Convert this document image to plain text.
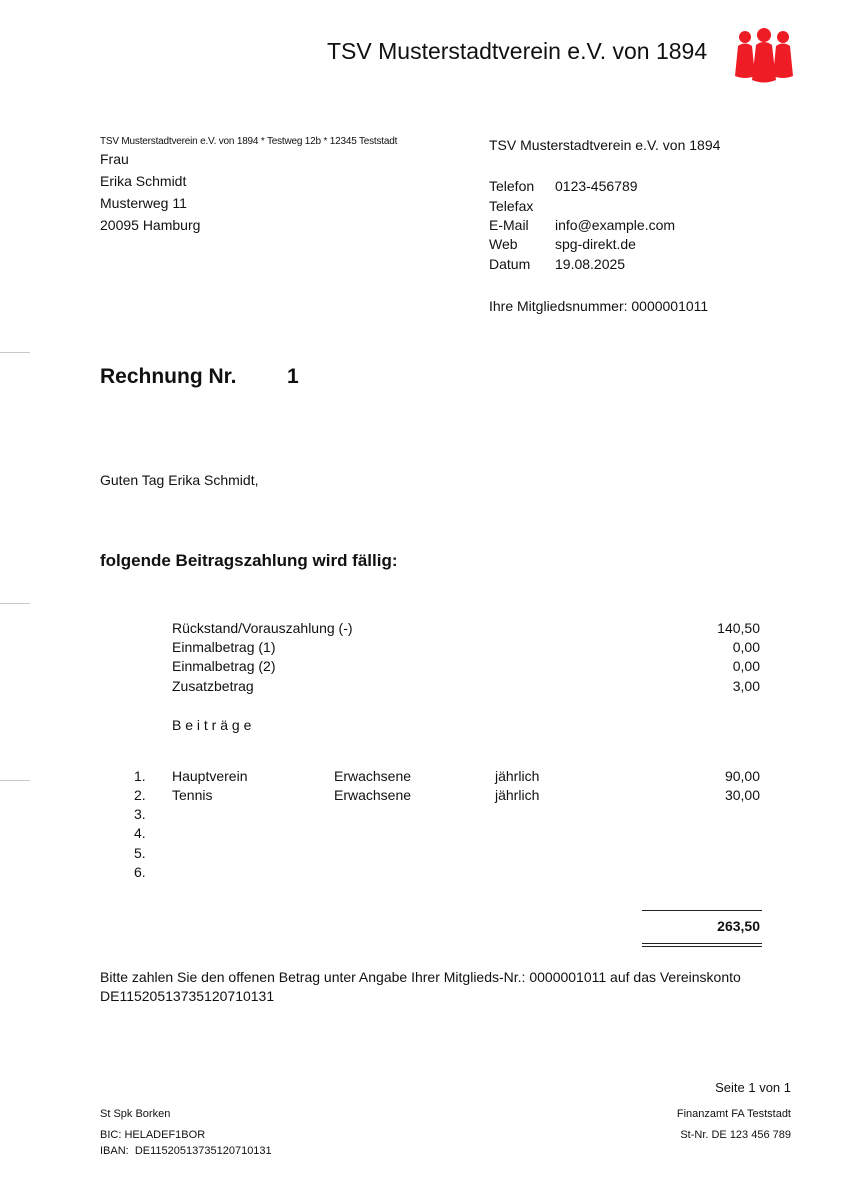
TSV Musterstadtverein e.V. von 1894
TSV Musterstadtverein e.V. von 1894 * Testweg 12b * 12345 Teststadt
Frau
Erika Schmidt
Musterweg 11
20095 Hamburg
TSV Musterstadtverein e.V. von 1894
Telefon 0123-456789
Telefax
E-Mail info@example.com
Web	spg-direkt.de
Datum 19.08.2025
Ihre Mitgliedsnummer: 0000001011
Rechnung Nr. 1
Guten Tag Erika Schmidt,
folgende Beitragszahlung wird fällig:
Rückstand/Vorauszahlung (-)	140,50
Einmalbetrag (1)	0,00
Einmalbetrag (2)	0,00
Zusatzbetrag	3,00
B e i t r ä g e
1. Hauptverein	Erwachsene	jährlich	90,00
2. Tennis	Erwachsene	jährlich	30,00
3.
4.
5.
6.
263,50
Bitte zahlen Sie den offenen Betrag unter Angabe Ihrer Mitglieds-Nr.: 0000001011 auf das Vereinskonto
DE11520513735120710131
Seite 1 von 1
St Spk Borken
BIC: HELADEF1BOR
IBAN:  DE11520513735120710131
Finanzamt FA Teststadt
St-Nr. DE 123 456 789
